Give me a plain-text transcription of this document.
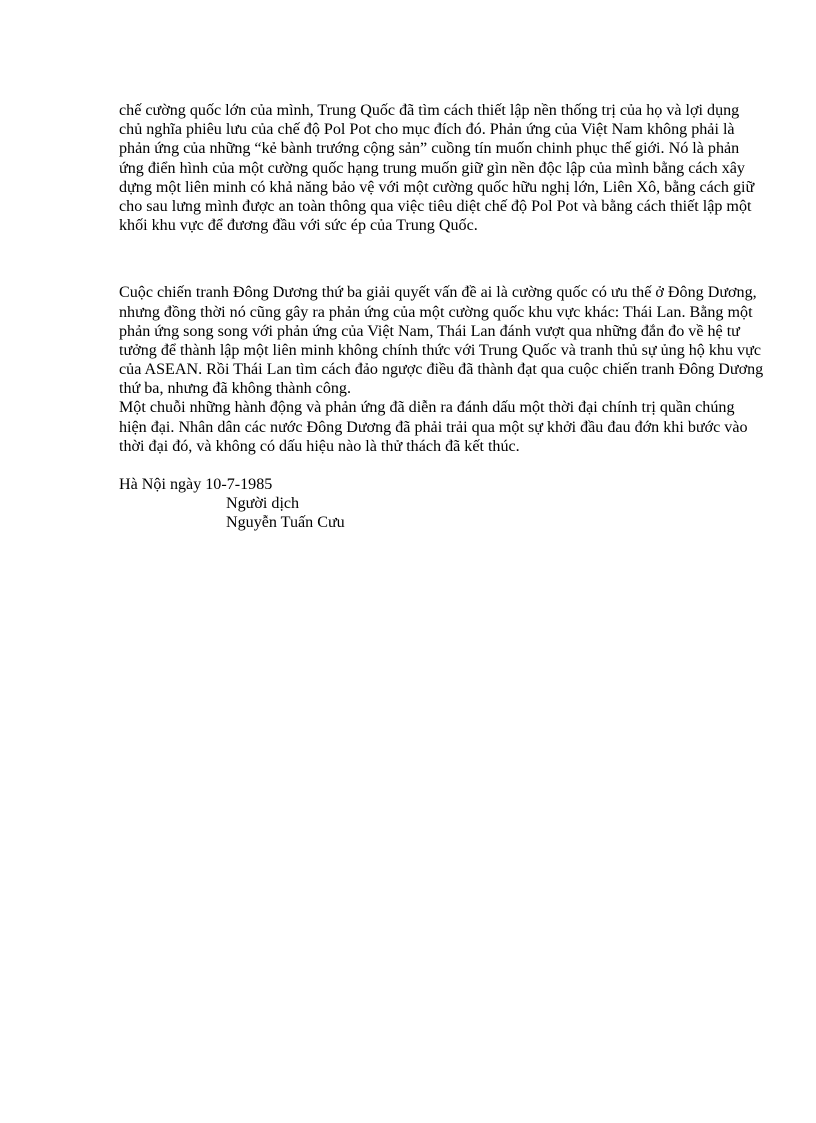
chế cường quốc lớn của mình, Trung Quốc đã tìm cách thiết lập nền thống trị của họ và lợi dụng
chủ nghĩa phiêu lưu của chế độ Pol Pot cho mục đích đó. Phản ứng của Việt Nam không phải là
phản ứng của những “kẻ bành trướng cộng sản” cuồng tín muốn chinh phục thế giới. Nó là phản
ứng điển hình của một cường quốc hạng trung muốn giữ gìn nền độc lập của mình bằng cách xây
dựng một liên minh có khả năng bảo vệ với một cường quốc hữu nghị lớn, Liên Xô, bằng cách giữ
cho sau lưng mình được an toàn thông qua việc tiêu diệt chế độ Pol Pot và bằng cách thiết lập một
khối khu vực để đương đầu với sức ép của Trung Quốc.
Cuộc chiến tranh Đông Dương thứ ba giải quyết vấn đề ai là cường quốc có ưu thế ở Đông Dương,
nhưng đồng thời nó cũng gây ra phản ứng của một cường quốc khu vực khác: Thái Lan. Bằng một
phản ứng song song với phản ứng của Việt Nam, Thái Lan đánh vượt qua những đắn đo về hệ tư
tưởng để thành lập một liên minh không chính thức với Trung Quốc và tranh thủ sự ủng hộ khu vực
của ASEAN. Rồi Thái Lan tìm cách đảo ngược điều đã thành đạt qua cuộc chiến tranh Đông Dương
thứ ba, nhưng đã không thành công.
Một chuỗi những hành động và phản ứng đã diễn ra đánh dấu một thời đại chính trị quần chúng
hiện đại. Nhân dân các nước Đông Dương đã phải trải qua một sự khởi đầu đau đớn khi bước vào
thời đại đó, và không có dấu hiệu nào là thử thách đã kết thúc.
Hà Nội ngày 10-7-1985
Người dịch
Nguyễn Tuấn Cưu
